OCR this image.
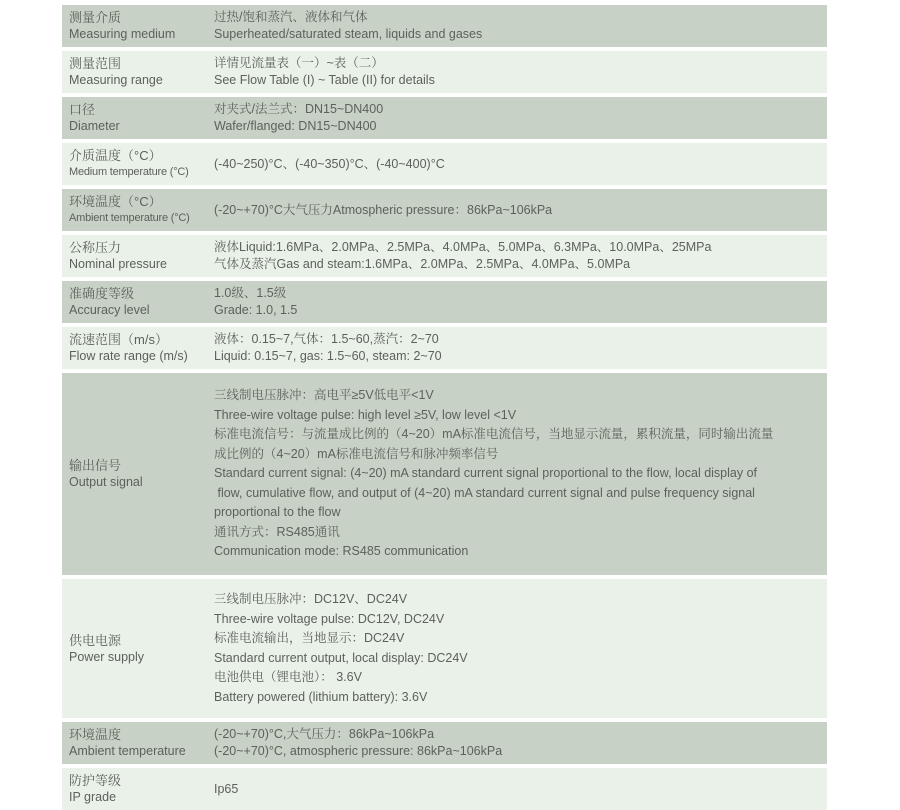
测量介质
Measuring medium
过热/饱和蒸汽、液体和气体
Superheated/saturated steam, liquids and gases
测量范围
Measuring range
详情见流量表（一）~表（二）
See Flow Table (I) ~ Table (II) for details
口径
Diameter
对夹式/法兰式：DN15~DN400
Wafer/flanged: DN15~DN400
介质温度（°C）
Medium temperature (°C)
(-40~250)°C、(-40~350)°C、(-40~400)°C
环境温度（°C）
Ambient temperature (°C)
(-20~+70)°C大气压力Atmospheric pressure：86kPa~106kPa
公称压力
Nominal pressure
液体Liquid:1.6MPa、2.0MPa、2.5MPa、4.0MPa、5.0MPa、6.3MPa、10.0MPa、25MPa
气体及蒸汽Gas and steam:1.6MPa、2.0MPa、2.5MPa、4.0MPa、5.0MPa
准确度等级
Accuracy level
1.0级、1.5级
Grade: 1.0, 1.5
流速范围（m/s）
Flow rate range (m/s)
液体：0.15~7,气体：1.5~60,蒸汽：2~70
Liquid: 0.15~7, gas: 1.5~60, steam: 2~70
输出信号
Output signal
三线制电压脉冲：高电平≥5V低电平<1V
Three-wire voltage pulse: high level ≥5V, low level <1V
标准电流信号：与流量成比例的（4~20）mA标准电流信号，当地显示流量，累积流量，同时输出流量
成比例的（4~20）mA标准电流信号和脉冲频率信号
Standard current signal: (4~20) mA standard current signal proportional to the flow, local display of
flow, cumulative flow, and output of (4~20) mA standard current signal and pulse frequency signal
proportional to the flow
通讯方式：RS485通讯
Communication mode: RS485 communication
供电电源
Power supply
三线制电压脉冲：DC12V、DC24V
Three-wire voltage pulse: DC12V, DC24V
标准电流输出，当地显示：DC24V
Standard current output, local display: DC24V
电池供电（锂电池）： 3.6V
Battery powered (lithium battery): 3.6V
环境温度
Ambient temperature
(-20~+70)°C,大气压力：86kPa~106kPa
(-20~+70)°C, atmospheric pressure: 86kPa~106kPa
防护等级
IP grade
Ip65
